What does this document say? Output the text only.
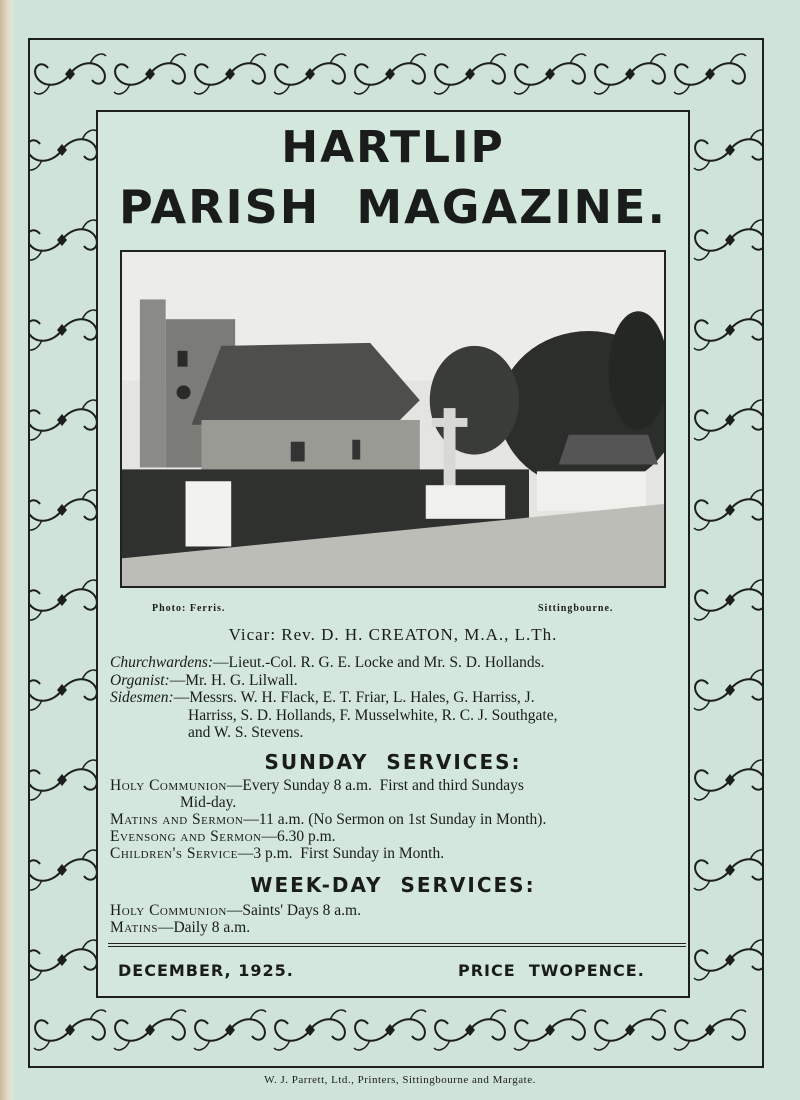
HARTLIP
PARISH  MAGAZINE.
Photo: Ferris.	Sittingbourne.
Vicar: Rev. D. H. CREATON, M.A., L.Th.

Churchwardens:—Lieut.-Col. R. G. E. Locke and Mr. S. D. Hollands.

Organist:—Mr. H. G. Lilwall.

Sidesmen:—Messrs. W. H. Flack, E. T. Friar, L. Hales, G. Harriss, J.

Harriss, S. D. Hollands, F. Musselwhite, R. C. J. Southgate,

and W. S. Stevens.

SUNDAY  SERVICES:

Holy Communion—Every Sunday 8 a.m.  First and third Sundays

Mid-day.

Matins and Sermon—11 a.m. (No Sermon on 1st Sunday in Month).

Evensong and Sermon—6.30 p.m.

Children's Service—3 p.m.  First Sunday in Month.

WEEK-DAY  SERVICES:

Holy Communion—Saints' Days 8 a.m.

Matins—Daily 8 a.m.

DECEMBER, 1925.	PRICE  TWOPENCE.
W. J. Parrett, Ltd., Printers, Sittingbourne and Margate.
